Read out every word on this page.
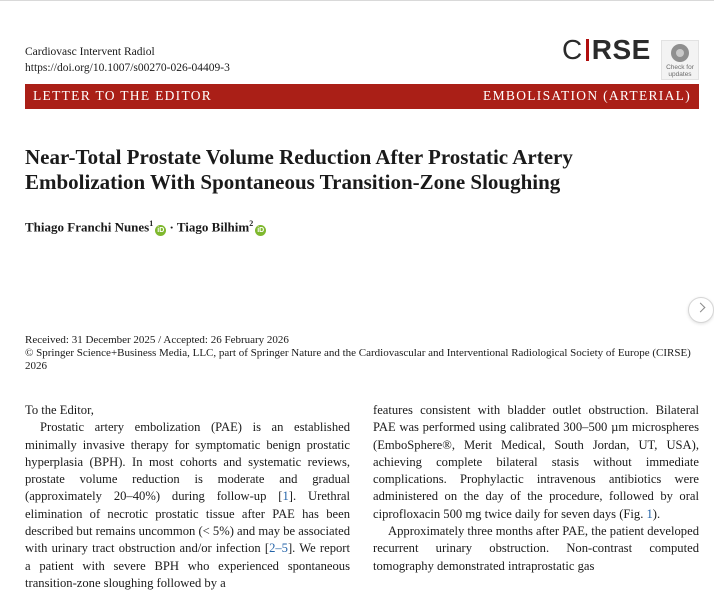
Cardiovasc Intervent Radiol
https://doi.org/10.1007/s00270-026-04409-3
C RSE
Check for updates
LETTER TO THE EDITOR	EMBOLISATION (ARTERIAL)
Near-Total Prostate Volume Reduction After Prostatic Artery Embolization With Spontaneous Transition-Zone Sloughing
Thiago Franchi Nunes$^1$iD · Tiago Bilhim$^2$iD
Received: 31 December 2025 / Accepted: 26 February 2026
© Springer Science+Business Media, LLC, part of Springer Nature and the Cardiovascular and Interventional Radiological Society of Europe (CIRSE) 2026

To the Editor,

Prostatic artery embolization (PAE) is an established minimally invasive therapy for symptomatic benign prostatic hyperplasia (BPH). In most cohorts and systematic reviews, prostate volume reduction is moderate and gradual (approximately 20–40%) during follow-up [1]. Urethral elimination of necrotic prostatic tissue after PAE has been described but remains uncommon (< 5%) and may be associated with urinary tract obstruction and/or infection [2–5]. We report a patient with severe BPH who experienced spontaneous transition-zone sloughing followed by a

features consistent with bladder outlet obstruction. Bilateral PAE was performed using calibrated 300–500 µm microspheres (EmboSphere®, Merit Medical, South Jordan, UT, USA), achieving complete bilateral stasis without immediate complications. Prophylactic intravenous antibiotics were administered on the day of the procedure, followed by oral ciprofloxacin 500 mg twice daily for seven days (Fig. 1).

Approximately three months after PAE, the patient developed recurrent urinary obstruction. Non-contrast computed tomography demonstrated intraprostatic gas
